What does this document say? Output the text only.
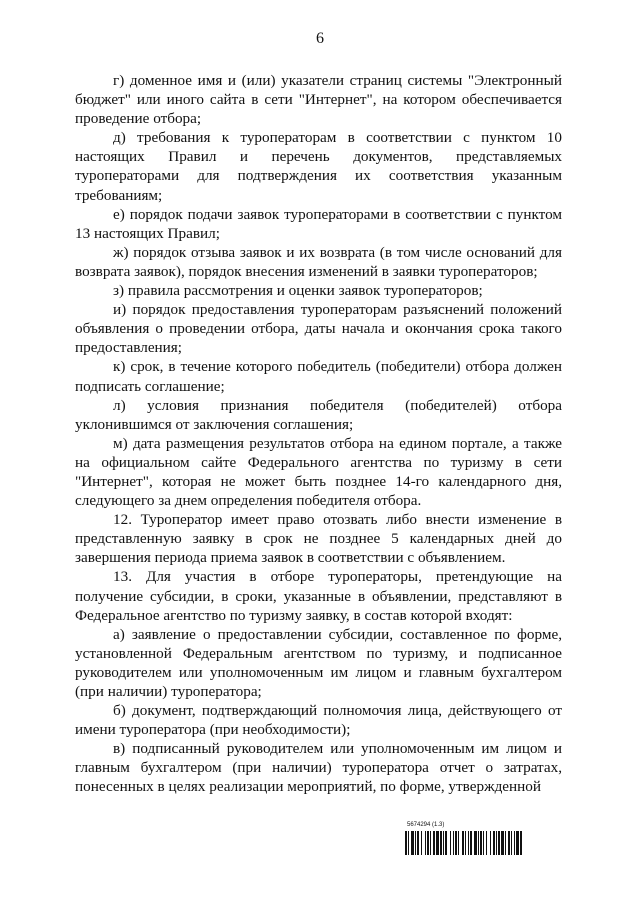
6

г) доменное имя и (или) указатели страниц системы "Электронный бюджет" или иного сайта в сети "Интернет", на котором обеспечивается проведение отбора;

д) требования к туроператорам в соответствии с пунктом 10 настоящих Правил и перечень документов, представляемых туроператорами для подтверждения их соответствия указанным требованиям;

е) порядок подачи заявок туроператорами в соответствии с пунктом 13 настоящих Правил;

ж) порядок отзыва заявок и их возврата (в том числе оснований для возврата заявок), порядок внесения изменений в заявки туроператоров;

з) правила рассмотрения и оценки заявок туроператоров;

и) порядок предоставления туроператорам разъяснений положений объявления о проведении отбора, даты начала и окончания срока такого предоставления;

к) срок, в течение которого победитель (победители) отбора должен подписать соглашение;

л) условия признания победителя (победителей) отбора уклонившимся от заключения соглашения;

м) дата размещения результатов отбора на едином портале, а также на официальном сайте Федерального агентства по туризму в сети "Интернет", которая не может быть позднее 14-го календарного дня, следующего за днем определения победителя отбора.

12. Туроператор имеет право отозвать либо внести изменение в представленную заявку в срок не позднее 5 календарных дней до завершения периода приема заявок в соответствии с объявлением.

13. Для участия в отборе туроператоры, претендующие на получение субсидии, в сроки, указанные в объявлении, представляют в Федеральное агентство по туризму заявку, в состав которой входят:

а) заявление о предоставлении субсидии, составленное по форме, установленной Федеральным агентством по туризму, и подписанное руководителем или уполномоченным им лицом и главным бухгалтером (при наличии) туроператора;

б) документ, подтверждающий полномочия лица, действующего от имени туроператора (при необходимости);

в) подписанный руководителем или уполномоченным им лицом и главным бухгалтером (при наличии) туроператора отчет о затратах, понесенных в целях реализации мероприятий, по форме, утвержденной

5674294 (1.3)
